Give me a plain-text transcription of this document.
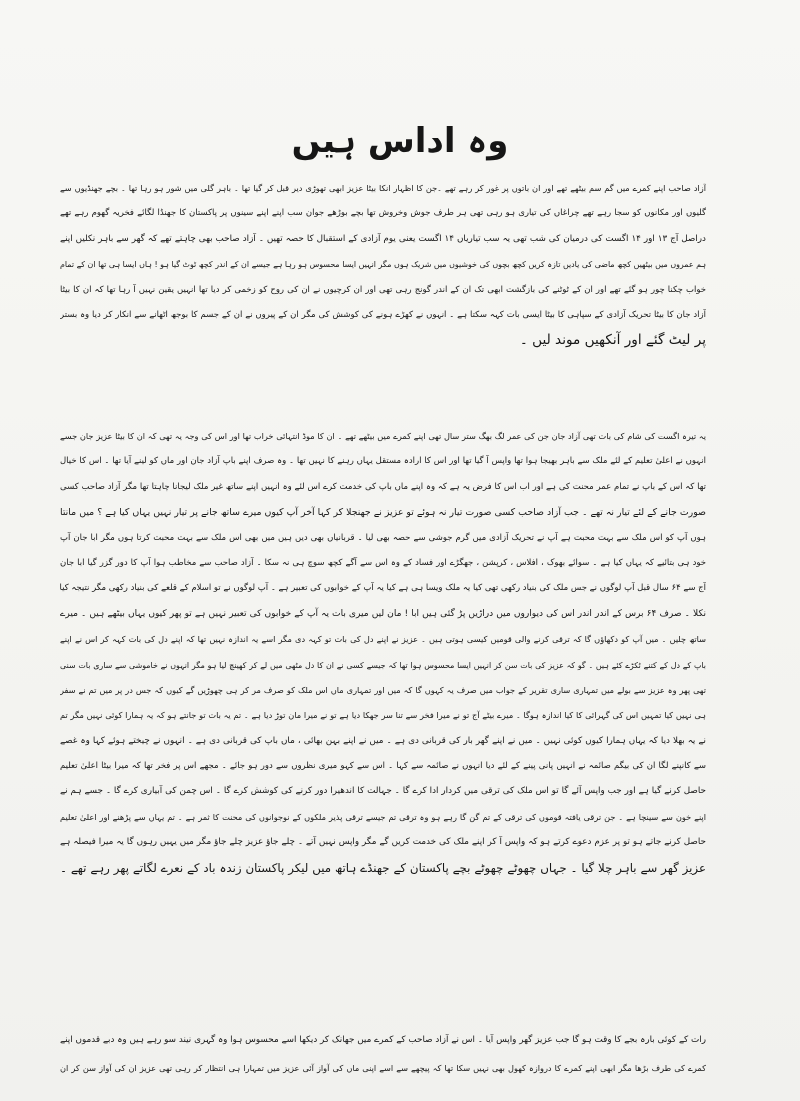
وہ اداس ہیں
آزاد صاحب اپنے کمرے میں گم سم بیٹھے تھے اور ان باتوں پر غور کر رہے تھے ۔جن کا اظہار انکا بیٹا عزیز ابھی تھوڑی دیر قبل کر گیا تھا ۔ باہر گلی میں شور ہو رہا تھا ۔ بچے جھنڈیوں سے
گلیوں اور مکانوں کو سجا رہے تھے چراغاں کی تیاری ہو رہی تھی ہر طرف جوش وخروش تھا بچے بوڑھے جوان سب اپنے اپنے سینوں پر پاکستان کا جھنڈا لگائے فخریہ گھوم رہے تھے
دراصل آج ۱۳ اور ۱۴ اگست کی درمیان کی شب تھی یہ سب تیاریاں ۱۴ اگست یعنی یوم آزادی کے استقبال کا حصہ تھیں ۔ آزاد صاحب بھی چاہتے تھے کہ گھر سے باہر نکلیں اپنے
ہم عمروں میں بیٹھیں کچھ ماضی کی یادیں تازہ کریں کچھ بچوں کی خوشیوں میں شریک ہوں مگر انہیں ایسا محسوس ہو رہا ہے جیسے ان کے اندر کچھ ٹوٹ گیا ہو ! ہاں ایسا ہی تھا ان کے تمام
خواب چکنا چور ہو گئے تھے اور ان کے ٹوٹنے کی بازگشت ابھی تک ان کے اندر گونج رہی تھی اور ان کرچیوں نے ان کی روح کو زخمی کر دیا تھا انہیں یقین نہیں آ رہا تھا کہ ان کا بیٹا
آزاد جان کا بیٹا تحریک آزادی کے سپاہی کا بیٹا ایسی بات کہہ سکتا ہے ۔ انہوں نے کھڑے ہونے کی کوشش کی مگر ان کے پیروں نے ان کے جسم کا بوجھ اٹھانے سے انکار کر دیا وہ بستر
پر لیٹ گئے اور آنکھیں موند لیں ۔
یہ تیرہ اگست کی شام کی بات تھی آزاد جان جن کی عمر لگ بھگ ستر سال تھی اپنے کمرے میں بیٹھے تھے ۔ ان کا موڈ انتہائی خراب تھا اور اس کی وجہ یہ تھی کہ ان کا بیٹا عزیز جان جسے
انہوں نے اعلیٰ تعلیم کے لئے ملک سے باہر بھیجا ہوا تھا واپس آ گیا تھا اور اس کا ارادہ مستقل یہاں رہنے کا نہیں تھا ۔ وہ صرف اپنے باپ آزاد جان اور ماں کو لینے آیا تھا ۔ اس کا خیال
تھا کہ اس کے باپ نے تمام عمر محنت کی ہے اور اب اس کا فرض یہ ہے کہ وہ اپنے ماں باپ کی خدمت کرے اس لئے وہ انہیں اپنے ساتھ غیر ملک لیجانا چاہتا تھا مگر آزاد صاحب کسی
صورت جانے کے لئے تیار نہ تھے ۔ جب آزاد صاحب کسی صورت تیار نہ ہوئے تو عزیز نے جھنجلا کر کہا آخر آپ کیوں میرے ساتھ جانے پر تیار نہیں یہاں کیا ہے ؟ میں مانتا
ہوں آپ کو اس ملک سے بہت محبت ہے آپ نے تحریک آزادی میں گرم جوشی سے حصہ بھی لیا ۔ قربانیاں بھی دیں ہیں میں بھی اس ملک سے بہت محبت کرتا ہوں مگر ابا جان آپ
خود ہی بتائیے کہ یہاں کیا ہے ۔ سوائے بھوک ، افلاس ، کرپشن ، جھگڑے اور فساد کے وہ اس سے آگے کچھ سوچ ہی نہ سکا ۔ آزاد صاحب سے مخاطب ہوا آپ کا دور گزر گیا ابا جان
آج سے ۶۴ سال قبل آپ لوگوں نے جس ملک کی بنیاد رکھی تھی کیا یہ ملک ویسا ہی ہے کیا یہ آپ کے خوابوں کی تعبیر ہے ۔ آپ لوگوں نے تو اسلام کے قلعے کی بنیاد رکھی مگر نتیجہ کیا
نکلا ۔ صرف ۶۴ برس کے اندر اندر اس کی دیواروں میں دراڑیں پڑ گئی ہیں ابا ! مان لیں میری بات یہ آپ کے خوابوں کی تعبیر نہیں ہے تو پھر کیوں یہاں بیٹھے ہیں ۔ میرے
ساتھ چلیں ۔ میں آپ کو دکھاؤں گا کہ ترقی کرنے والی قومیں کیسی ہوتی ہیں ۔ عزیز نے اپنے دل کی بات تو کہہ دی مگر اسے یہ اندازہ نہیں تھا کہ اپنے دل کی بات کہہ کر اس نے اپنے
باپ کے دل کے کتنے ٹکڑے کئے ہیں ۔ گو کہ عزیز کی بات سن کر انہیں ایسا محسوس ہوا تھا کہ جیسے کسی نے ان کا دل مٹھی میں لے کر کھینچ لیا ہو مگر انہوں نے خاموشی سے ساری بات سنی
تھی پھر وہ عزیز سے بولے میں تمہاری ساری تقریر کے جواب میں صرف یہ کہوں گا کہ میں اور تمہاری ماں اس ملک کو صرف مر کر ہی چھوڑیں گے کیوں کہ جس در پر میں تم نے سفر
ہی نہیں کیا تمہیں اس کی گہرائی کا کیا اندازہ ہوگا ۔ میرے بیٹے آج تو نے میرا فخر سے تنا سر جھکا دیا ہے تو نے میرا مان توڑ دیا ہے ۔ تم یہ بات تو جانتے ہو کہ یہ ہمارا کوئی نہیں مگر تم
نے یہ بھلا دیا کہ یہاں ہمارا کیوں کوئی نہیں ۔ میں نے اپنے گھر بار کی قربانی دی ہے ۔ میں نے اپنے بہن بھائی ، ماں باپ کی قربانی دی ہے ۔ انہوں نے چیختے ہوئے کہا وہ غصے
سے کانپنے لگا ان کی بیگم صائمہ نے انہیں پانی پینے کے لئے دیا انہوں نے صائمہ سے کہا ۔ اس سے کہو میری نظروں سے دور ہو جائے ۔ مجھے اس پر فخر تھا کہ میرا بیٹا اعلیٰ تعلیم
حاصل کرنے گیا ہے اور جب واپس آئے گا تو اس ملک کی ترقی میں کردار ادا کرے گا ۔ جہالت کا اندھیرا دور کرنے کی کوشش کرے گا ۔ اس چمن کی آبیاری کرے گا ۔ جسے ہم نے
اپنے خون سے سینچا ہے ۔ جن ترقی یافتہ قوموں کی ترقی کے تم گن گا رہے ہو وہ ترقی تم جیسے ترقی پذیر ملکوں کے نوجوانوں کی محنت کا ثمر ہے ۔ تم یہاں سے پڑھنے اور اعلیٰ تعلیم
حاصل کرنے جاتے ہو تو پر عزم دعوے کرتے ہو کہ واپس آ کر اپنے ملک کی خدمت کریں گے مگر واپس نہیں آتے ۔ چلے جاؤ عزیز چلے جاؤ مگر میں یہیں رہوں گا یہ میرا فیصلہ ہے
عزیز گھر سے باہر چلا گیا ۔ جہاں چھوٹے چھوٹے بچے پاکستان کے جھنڈے ہاتھ میں لیکر پاکستان زندہ باد کے نعرے لگاتے پھر رہے تھے ۔
رات کے کوئی بارہ بجے کا وقت ہو گا جب عزیز گھر واپس آیا ۔ اس نے آزاد صاحب کے کمرے میں جھانک کر دیکھا اسے محسوس ہوا وہ گہری نیند سو رہے ہیں وہ دبے قدموں اپنے
کمرے کی طرف بڑھا مگر ابھی اپنے کمرے کا دروازہ کھول بھی نہیں سکا تھا کہ پیچھے سے اسے اپنی ماں کی آواز آئی عزیز میں تمہارا ہی انتظار کر رہی تھی عزیز ان کی آواز سن کر ان
